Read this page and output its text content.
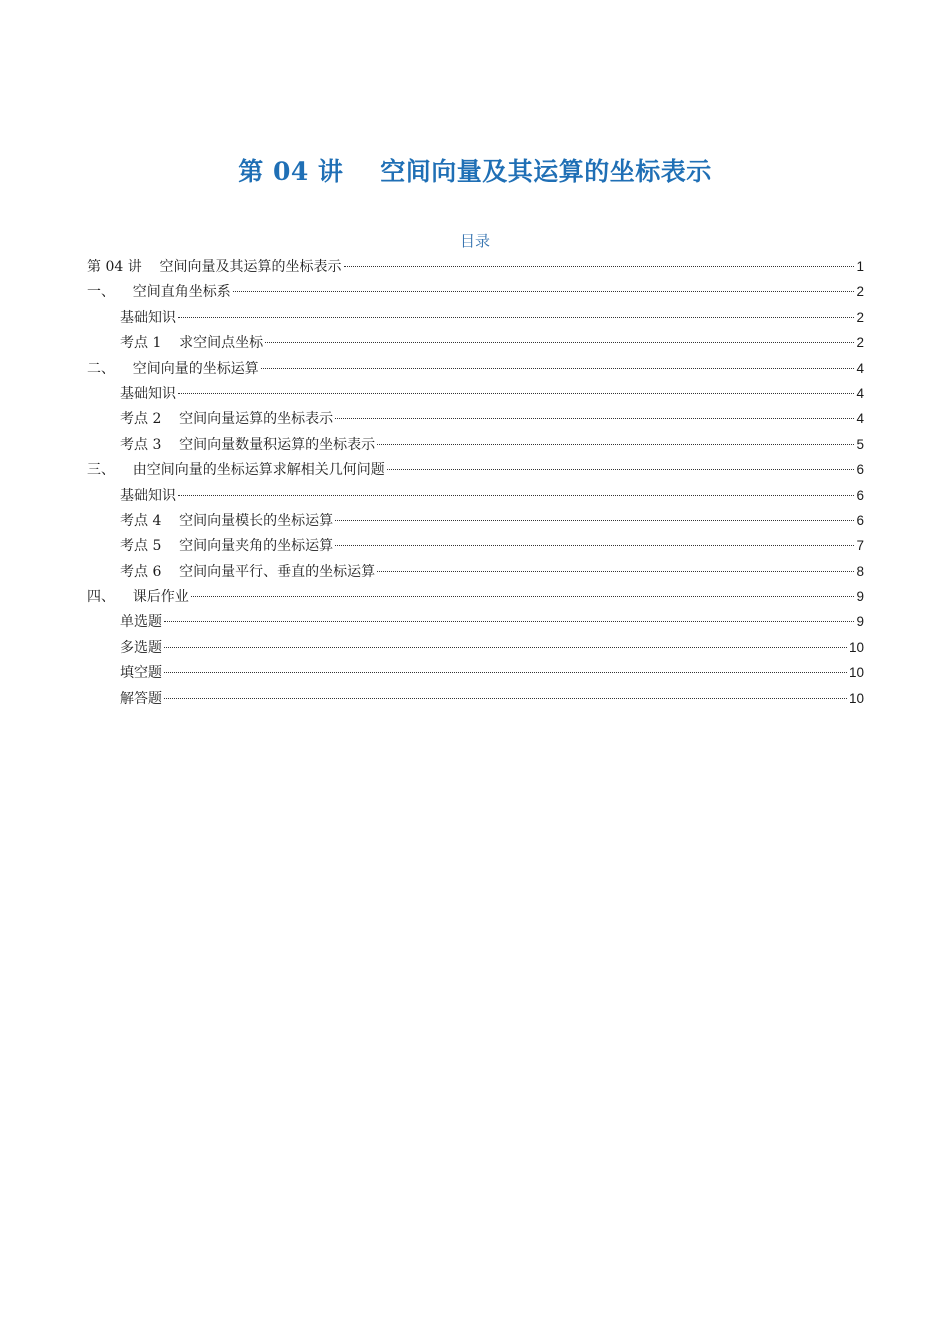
第 04 讲    空间向量及其运算的坐标表示
目录
第 04 讲    空间向量及其运算的坐标表示	1
一、    空间直角坐标系	2
基础知识	2
考点 1    求空间点坐标	2
二、    空间向量的坐标运算	4
基础知识	4
考点 2    空间向量运算的坐标表示	4
考点 3    空间向量数量积运算的坐标表示	5
三、    由空间向量的坐标运算求解相关几何问题	6
基础知识	6
考点 4    空间向量模长的坐标运算	6
考点 5    空间向量夹角的坐标运算	7
考点 6    空间向量平行、垂直的坐标运算	8
四、    课后作业	9
单选题	9
多选题	10
填空题	10
解答题	10
